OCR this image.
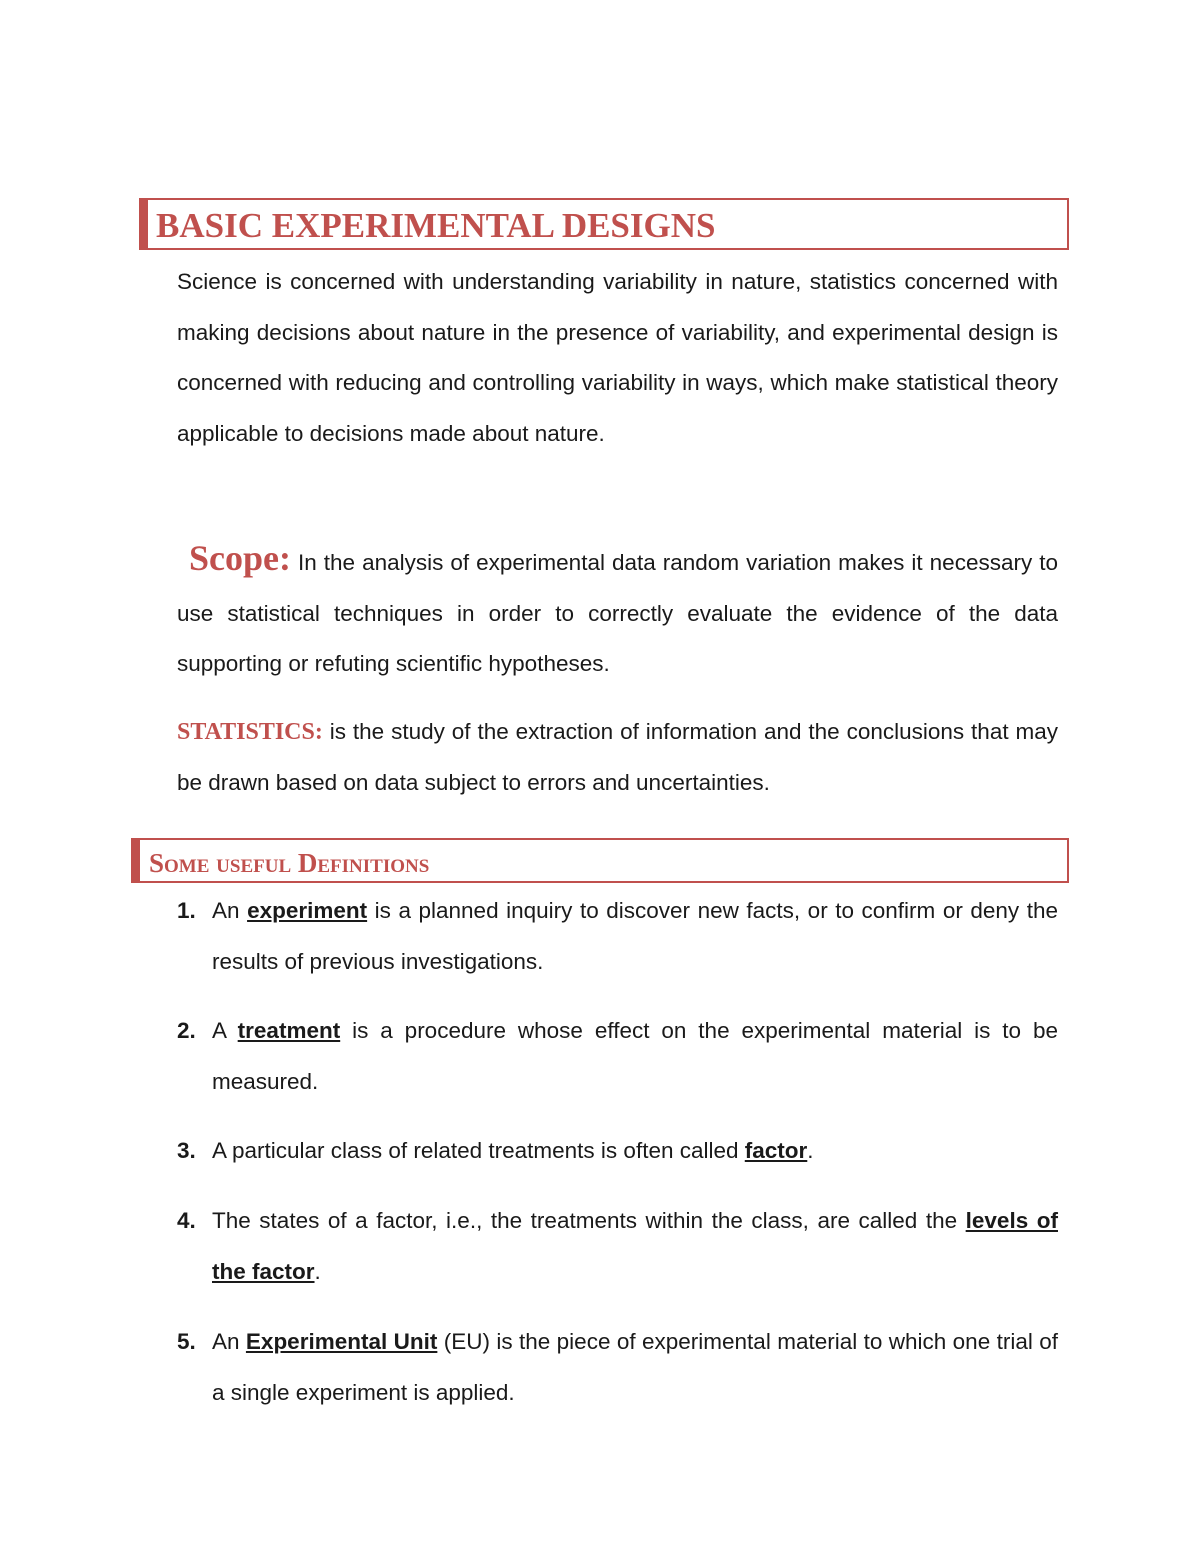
BASIC EXPERIMENTAL DESIGNS

Science is concerned with understanding variability in nature, statistics concerned with making decisions about nature in the presence of variability, and experimental design is concerned with reducing and controlling variability in ways, which make statistical theory applicable to decisions made about nature.

Scope: In the analysis of experimental data random variation makes it necessary to use statistical techniques in order to correctly evaluate the evidence of the data supporting or refuting scientific hypotheses.

STATISTICS: is the study of the extraction of information and the conclusions that may be drawn based on data subject to errors and uncertainties.

Some useful Definitions
1. An experiment is a planned inquiry to discover new facts, or to confirm or deny the results of previous investigations.

2. A treatment is a procedure whose effect on the experimental material is to be measured.

3. A particular class of related treatments is often called factor.

4. The states of a factor, i.e., the treatments within the class, are called the levels of the factor.

5. An Experimental Unit (EU) is the piece of experimental material to which one trial of a single experiment is applied.
